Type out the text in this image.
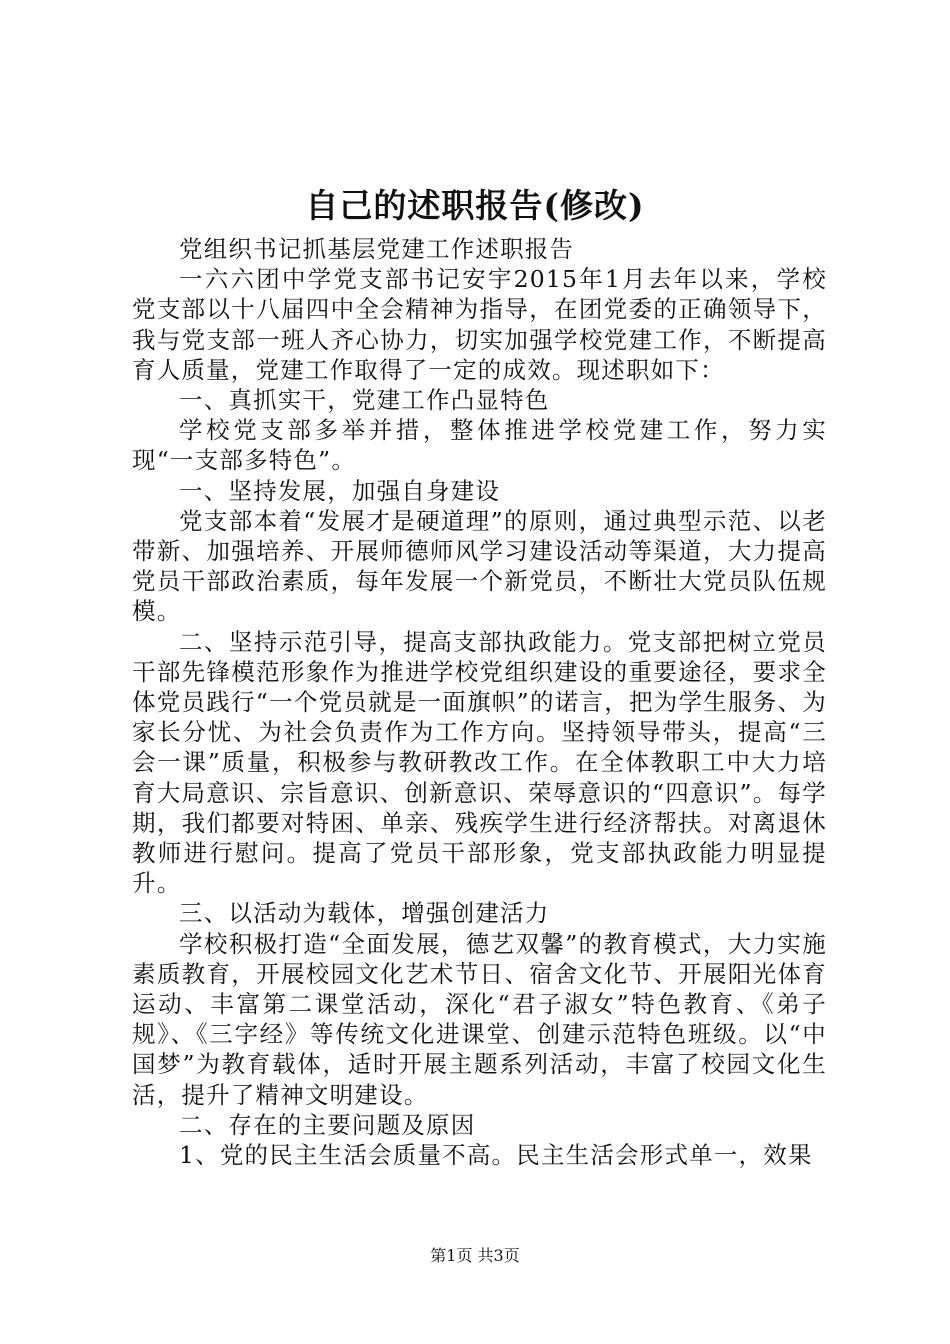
自己的述职报告(修改)

党组织书记抓基层党建工作述职报告

一六六团中学党支部书记安宇2015年1月去年以来，学校党支部以十八届四中全会精神为指导，在团党委的正确领导下，我与党支部一班人齐心协力，切实加强学校党建工作，不断提高育人质量，党建工作取得了一定的成效。现述职如下：

一、真抓实干，党建工作凸显特色

学校党支部多举并措，整体推进学校党建工作，努力实现“一支部多特色”。

一、坚持发展，加强自身建设

党支部本着“发展才是硬道理”的原则，通过典型示范、以老带新、加强培养、开展师德师风学习建设活动等渠道，大力提高党员干部政治素质，每年发展一个新党员，不断壮大党员队伍规模。

二、坚持示范引导，提高支部执政能力。党支部把树立党员干部先锋模范形象作为推进学校党组织建设的重要途径，要求全体党员践行“一个党员就是一面旗帜”的诺言，把为学生服务、为家长分忧、为社会负责作为工作方向。坚持领导带头，提高“三会一课”质量，积极参与教研教改工作。在全体教职工中大力培育大局意识、宗旨意识、创新意识、荣辱意识的“四意识”。每学期，我们都要对特困、单亲、残疾学生进行经济帮扶。对离退休教师进行慰问。提高了党员干部形象，党支部执政能力明显提升。

三、以活动为载体，增强创建活力

学校积极打造“全面发展，德艺双馨”的教育模式，大力实施素质教育，开展校园文化艺术节日、宿舍文化节、开展阳光体育运动、丰富第二课堂活动，深化“君子淑女”特色教育、《弟子规》、《三字经》等传统文化进课堂、创建示范特色班级。以“中国梦”为教育载体，适时开展主题系列活动，丰富了校园文化生活，提升了精神文明建设。

二、存在的主要问题及原因

1、党的民主生活会质量不高。民主生活会形式单一，效果

第1页 共3页
